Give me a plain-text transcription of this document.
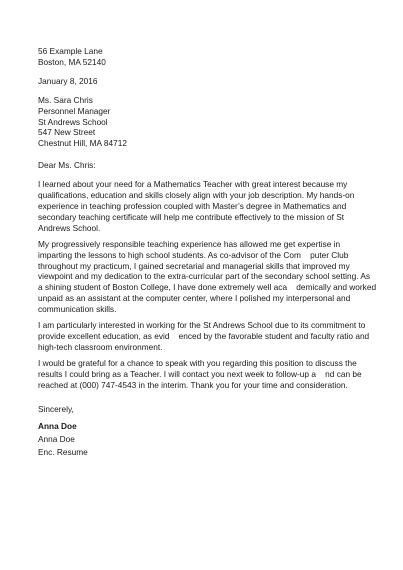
56 Example Lane
Boston, MA 52140
January 8, 2016
Ms. Sara Chris
Personnel Manager
St Andrews School
547 New Street
Chestnut Hill, MA 84712
Dear Ms. Chris:
I learned about your need for a Mathematics Teacher with great interest because my
qualifications, education and skills closely align with your job description. My hands-on
experience in teaching profession coupled with Master’s degree in Mathematics and
secondary teaching certificate will help me contribute effectively to the mission of St
Andrews School.
My progressively responsible teaching experience has allowed me get expertise in
imparting the lessons to high school students. As co-advisor of the Com    puter Club
throughout my practicum, I gained secretarial and managerial skills that improved my
viewpoint and my dedication to the extra-curricular part of the secondary school setting. As
a shining student of Boston College, I have done extremely well aca    demically and worked
unpaid as an assistant at the computer center, where I polished my interpersonal and
communication skills.
I am particularly interested in working for the St Andrews School due to its commitment to
provide excellent education, as evid    enced by the favorable student and faculty ratio and
high-tech classroom environment.
I would be grateful for a chance to speak with you regarding this position to discuss the
results I could bring as a Teacher. I will contact you next week to follow-up a    nd can be
reached at (000) 747-4543 in the interim. Thank you for your time and consideration.
Sincerely,
Anna Doe
Anna Doe
Enc. Resume
